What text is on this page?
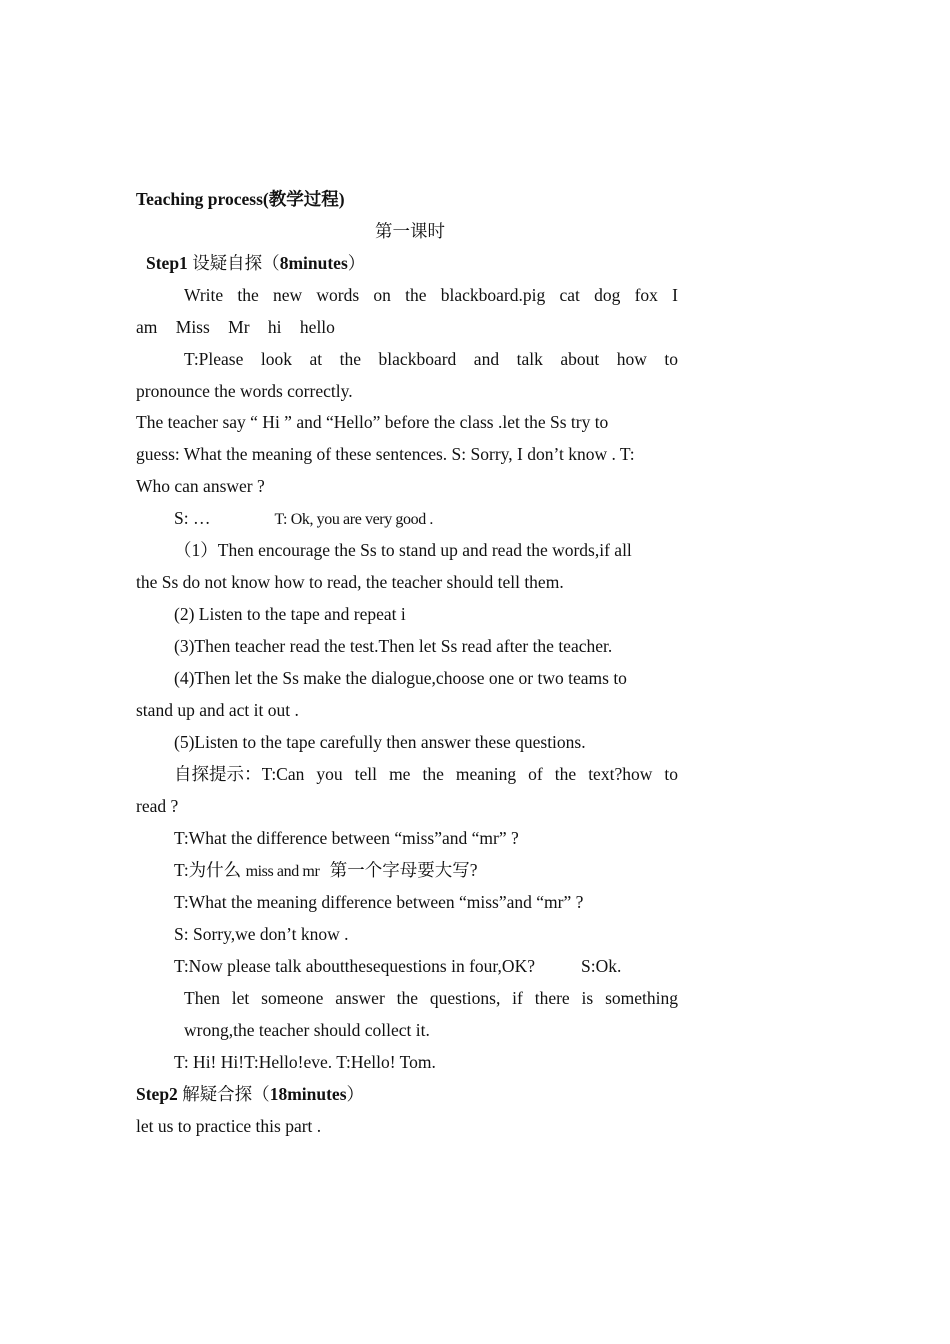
Teaching process(教学过程)
第一课时
Step1 设疑自探（8minutes）
Write the new words on the blackboard.pig cat dog fox I
am Miss Mr hi hello
T:Please look at the blackboard and talk about how to
pronounce the words correctly.
The teacher say “ Hi ” and “Hello” before the class .let the Ss try to
guess: What the meaning of these sentences. S: Sorry, I don’t know . T:
Who can answer ?
S: …	T: Ok, you are very good .
（1）Then encourage the Ss to stand up and read the words,if all
the Ss do not know how to read, the teacher should tell them.
(2) Listen to the tape and repeat i
(3)Then teacher read the test.Then let Ss read after the teacher.
(4)Then let the Ss make the dialogue,choose one or two teams to
stand up and act it out .
(5)Listen to the tape carefully then answer these questions.
自探提示： T:Can you tell me the meaning of the text?how to
read ?
T:What the difference between “miss”and “mr” ?
T:为什么 miss and mr 第一个字母要大写?
T:What the meaning difference between “miss”and “mr” ?
S: Sorry,we don’t know .
T:Now please talk aboutthesequestions in four,OK?	S:Ok.
Then let someone answer the questions, if there is something
wrong,the teacher should collect it.
T: Hi! Hi!T:Hello!eve. T:Hello! Tom.
Step2 解疑合探（18minutes）
let us to practice this part .
